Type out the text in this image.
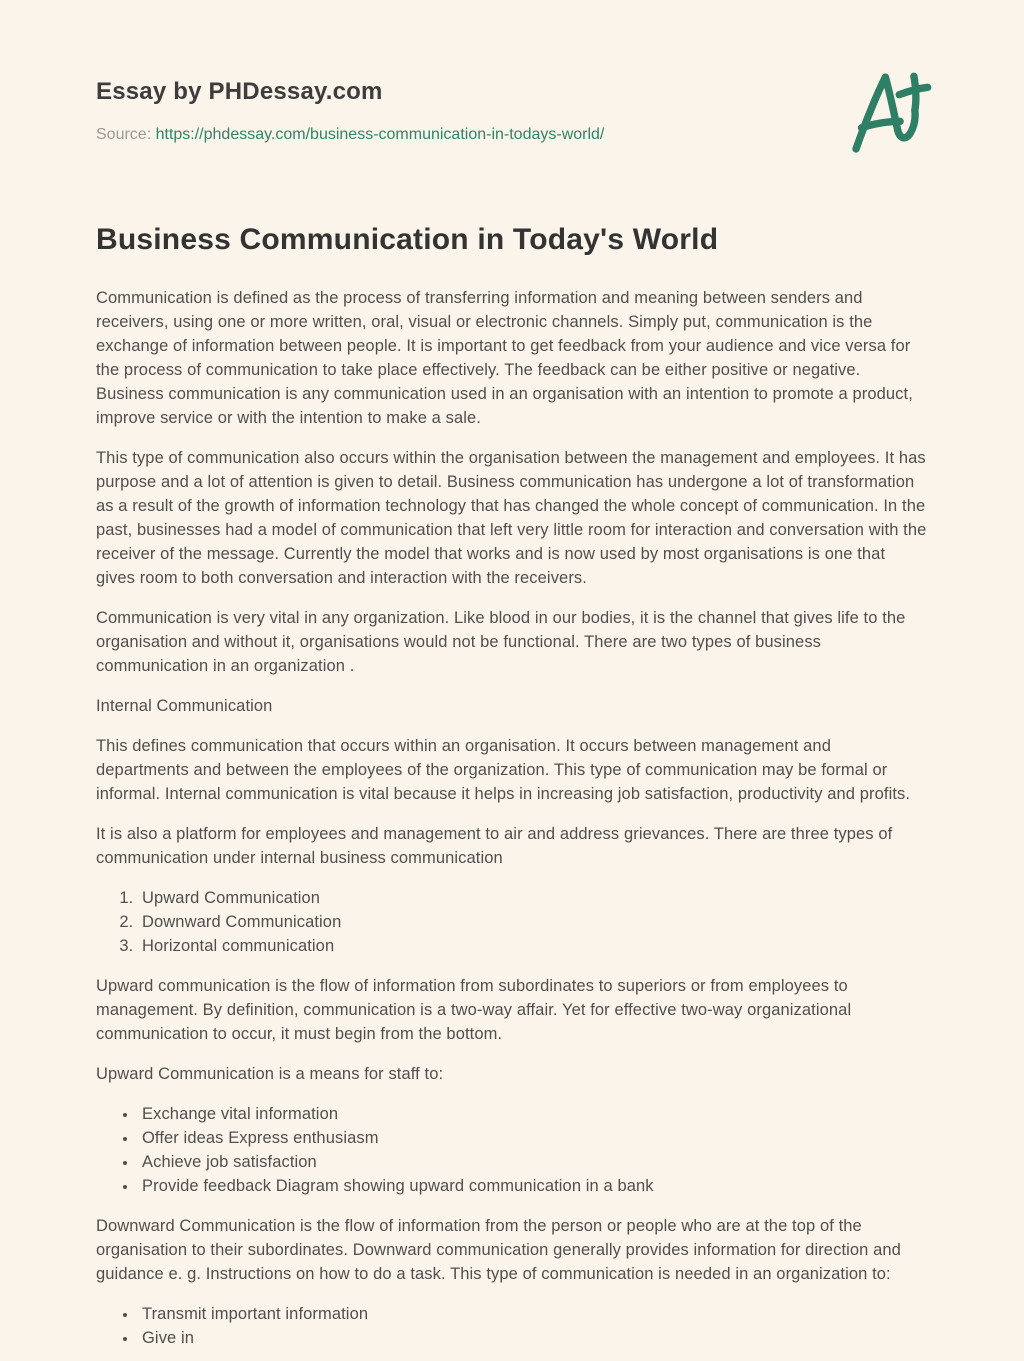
Essay by PHDessay.com
Source: https://phdessay.com/business-communication-in-todays-world/
Business Communication in Today's World

Communication is defined as the process of transferring information and meaning between senders and receivers, using one or more written, oral, visual or electronic channels. Simply put, communication is the exchange of information between people. It is important to get feedback from your audience and vice versa for the process of communication to take place effectively. The feedback can be either positive or negative. Business communication is any communication used in an organisation with an intention to promote a product, improve service or with the intention to make a sale.

This type of communication also occurs within the organisation between the management and employees. It has purpose and a lot of attention is given to detail. Business communication has undergone a lot of transformation as a result of the growth of information technology that has changed the whole concept of communication. In the past, businesses had a model of communication that left very little room for interaction and conversation with the receiver of the message. Currently the model that works and is now used by most organisations is one that gives room to both conversation and interaction with the receivers.

Communication is very vital in any organization. Like blood in our bodies, it is the channel that gives life to the organisation and without it, organisations would not be functional. There are two types of business communication in an organization .

Internal Communication

This defines communication that occurs within an organisation. It occurs between management and departments and between the employees of the organization. This type of communication may be formal or informal. Internal communication is vital because it helps in increasing job satisfaction, productivity and profits.

It is also a platform for employees and management to air and address grievances. There are three types of communication under internal business communication

1. Upward Communication
2. Downward Communication
3. Horizontal communication

Upward communication is the flow of information from subordinates to superiors or from employees to management. By definition, communication is a two-way affair. Yet for effective two-way organizational communication to occur, it must begin from the bottom.

Upward Communication is a means for staff to:

• Exchange vital information
• Offer ideas Express enthusiasm
• Achieve job satisfaction
• Provide feedback Diagram showing upward communication in a bank

Downward Communication is the flow of information from the person or people who are at the top of the organisation to their subordinates. Downward communication generally provides information for direction and guidance e. g. Instructions on how to do a task. This type of communication is needed in an organization to:

• Transmit important information
• Give in
